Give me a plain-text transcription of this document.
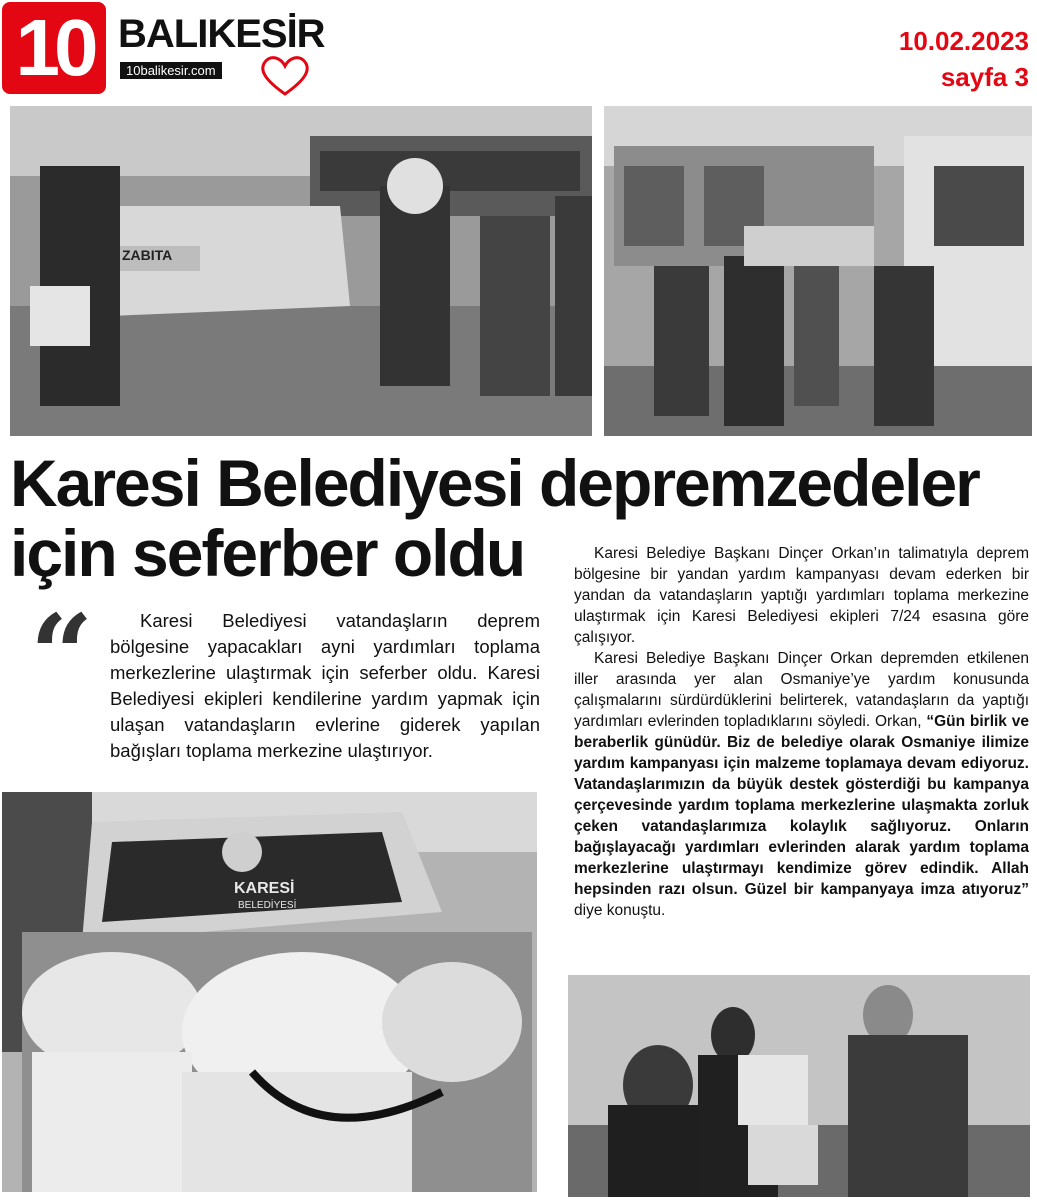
10 BALIKESİR
10balikesir.com
10.02.2023
sayfa 3
ZABITA
Karesi Belediyesi depremzedeler
için seferber oldu
“	Karesi Belediyesi vatandaşların deprem bölgesine yapacakları ayni yardımları toplama merkezlerine ulaştırmak için seferber oldu. Karesi Belediyesi ekipleri kendilerine yardım yapmak için ulaşan vatandaşların evlerine giderek yapılan bağışları toplama merkezine ulaştırıyor.
KARESİ
BELEDİYESİ

Karesi Belediye Başkanı Dinçer Orkan’ın talimatıyla deprem bölgesine bir yandan yardım kampanyası devam ederken bir yandan da vatandaşların yaptığı yardımları toplama merkezine ulaştırmak için Karesi Belediyesi ekipleri 7/24 esasına göre çalışıyor.

Karesi Belediye Başkanı Dinçer Orkan depremden etkilenen iller arasında yer alan Osmaniye’ye yardım konusunda çalışmalarını sürdürdüklerini belirterek, vatandaşların da yaptığı yardımları evlerinden topladıklarını söyledi. Orkan, “Gün birlik ve beraberlik günüdür. Biz de belediye olarak Osmaniye ilimize yardım kampanyası için malzeme toplamaya devam ediyoruz. Vatandaşlarımızın da büyük destek gösterdiği bu kampanya çerçevesinde yardım toplama merkezlerine ulaşmakta zorluk çeken vatandaşlarımıza kolaylık sağlıyoruz. Onların bağışlayacağı yardımları evlerinden alarak yardım toplama merkezlerine ulaştırmayı kendimize görev edindik. Allah hepsinden razı olsun. Güzel bir kampanyaya imza atıyoruz” diye konuştu.
